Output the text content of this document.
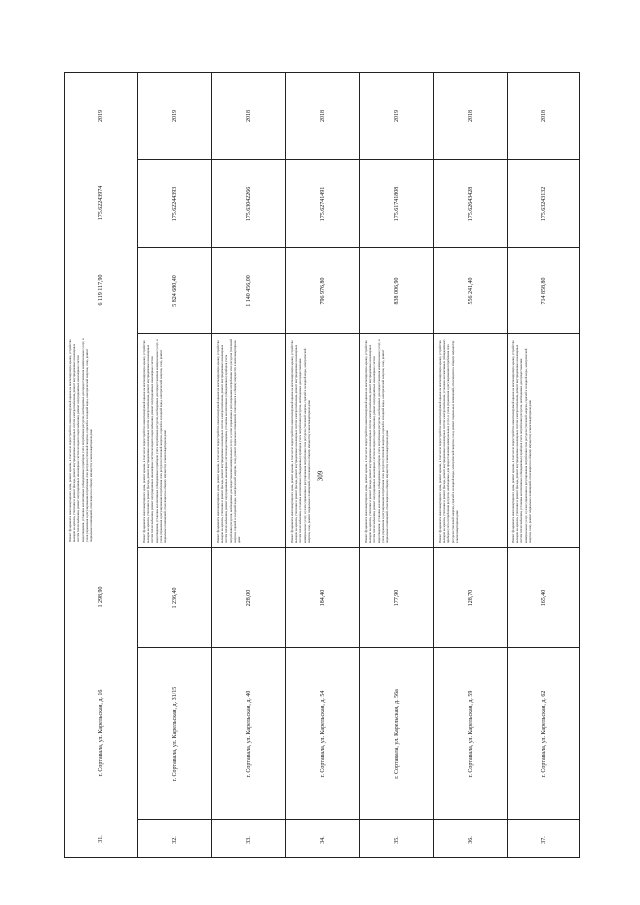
309
2019
175.62243974
6 119 117,90
Ремонт фундамента многоквартирного дома, ремонт крыши, в том числе переустройство невентилируемой крыши на вентилируемую крышу, устройство выходов на кровлю, утепление и ремонт фасада, ремонт внутридомовых инженерных систем электроснабжения, ремонт внутридомовых инженерных систем теплоснабжения, ремонт внутридомовых инженерных систем холодного водоснабжения, ремонт внутридомовых инженерных систем водоотведения, установка коллективных (общедомовых) приборов учета потребления ресурсов, необходимых для предоставления коммунальных услуг, и узлов управления и регулирования потребления этих ресурсов (тепловой энергии, горячей и холодной воды, электрической энергии, газа), ремонт подвальных помещений, относящихся к общему имуществу в многоквартирном доме
1 298,90
г. Сортавала, ул. Карельская, д. 16
31.
2019
175.62244393
5 824 680,40
Ремонт фундамента многоквартирного дома, ремонт крыши, в том числе переустройство невентилируемой крыши на вентилируемую крышу, устройство выходов на кровлю, утепление и ремонт фасада, ремонт внутридомовых инженерных систем электроснабжения, ремонт внутридомовых инженерных систем теплоснабжения, ремонт внутридомовых инженерных систем холодного водоснабжения, ремонт внутридомовых инженерных систем водоотведения, установка коллективных (общедомовых) приборов учета потребления ресурсов, необходимых для предоставления коммунальных услуг, и узлов управления и регулирования потребления этих ресурсов (тепловой энергии, горячей и холодной воды, электрической энергии, газа), ремонт подвальных помещений, относящихся к общему имуществу в многоквартирном доме
1 236,40
г. Сортавала, ул. Карельская, д. 31/15
32.
2018
175.63042266
1 140 456,00
Ремонт фундамента многоквартирного дома, ремонт крыши, в том числе переустройство невентилируемой крыши на вентилируемую крышу, устройство выходов на кровлю, утепление и ремонт фасада, ремонт внутридомовых инженерных систем электроснабжения, ремонт внутридомовых инженерных систем теплоснабжения, ремонт внутридомовых инженерных систем водоотведения, установка коллективных (общедомовых) приборов учета потребления ресурсов, необходимых для предоставления коммунальных услуг, и узлов управления и регулирования потребления этих ресурсов (тепловой энергии, горячей и холодной воды, электрической энергии, газа), ремонт подвальных помещений, относящихся к общему имуществу в многоквартирном доме
228,00
г. Сортавала, ул. Карельская, д. 40
33.
2018
175.62741491
796 976,80
Ремонт фундамента многоквартирного дома, ремонт крыши, в том числе переустройство невентилируемой крыши на вентилируемую крышу, устройство выходов на кровлю, утепление и ремонт фасада, ремонт внутридомовых инженерных систем электроснабжения, ремонт внутридомовых инженерных систем теплоснабжения, установка коллективных (общедомовых) приборов учета потребления ресурсов, необходимых для предоставления коммунальных услуг, и узлов управления и регулирования потребления этих ресурсов (тепловой энергии, горячей и холодной воды, электрической энергии, газа), ремонт подвальных помещений, относящихся к общему имуществу в многоквартирном доме
184,40
г. Сортавала, ул. Карельская, д. 54
34.
2019
175.61741808
838 006,90
Ремонт фундамента многоквартирного дома, ремонт крыши, в том числе переустройство невентилируемой крыши на вентилируемую крышу, устройство выходов на кровлю, утепление и ремонт фасада, ремонт внутридомовых инженерных систем электроснабжения, ремонт внутридомовых инженерных систем теплоснабжения, ремонт внутридомовых инженерных систем холодного водоснабжения, ремонт внутридомовых инженерных систем водоотведения, установка коллективных (общедомовых) приборов учета потребления ресурсов, необходимых для предоставления коммунальных услуг, и узлов управления и регулирования потребления этих ресурсов (тепловой энергии, горячей и холодной воды, электрической энергии, газа), ремонт подвальных помещений, относящихся к общему имуществу в многоквартирном доме
177,90
г. Сортавала, ул. Карельская, д. 56а
35.
2018
175.62643428
556 241,40
Ремонт фундамента многоквартирного дома, ремонт крыши, в том числе переустройство невентилируемой крыши на вентилируемую крышу, устройство выходов на кровлю, утепление и ремонт фасада, ремонт внутридомовых инженерных систем электроснабжения, установка коллективных (общедомовых) приборов учета потребления ресурсов, необходимых для предоставления коммунальных услуг, и узлов управления и регулирования потребления этих ресурсов (тепловой энергии, горячей и холодной воды, электрической энергии, газа), ремонт подвальных помещений, относящихся к общему имуществу в многоквартирном доме
128,70
г. Сортавала, ул. Карельская, д. 59
36.
2018
175.63243132
714 858,80
Ремонт фундамента многоквартирного дома, ремонт крыши, в том числе переустройство невентилируемой крыши на вентилируемую крышу, устройство выходов на кровлю, утепление и ремонт фасада, ремонт внутридомовых инженерных систем электроснабжения, ремонт внутридомовых инженерных систем теплоснабжения, установка коллективных (общедомовых) приборов учета потребления ресурсов, необходимых для предоставления коммунальных услуг, и узлов управления и регулирования потребления этих ресурсов (тепловой энергии, горячей и холодной воды, электрической энергии, газа), ремонт подвальных помещений, относящихся к общему имуществу в многоквартирном доме
165,40
г. Сортавала, ул. Карельская, д. 62
37.
